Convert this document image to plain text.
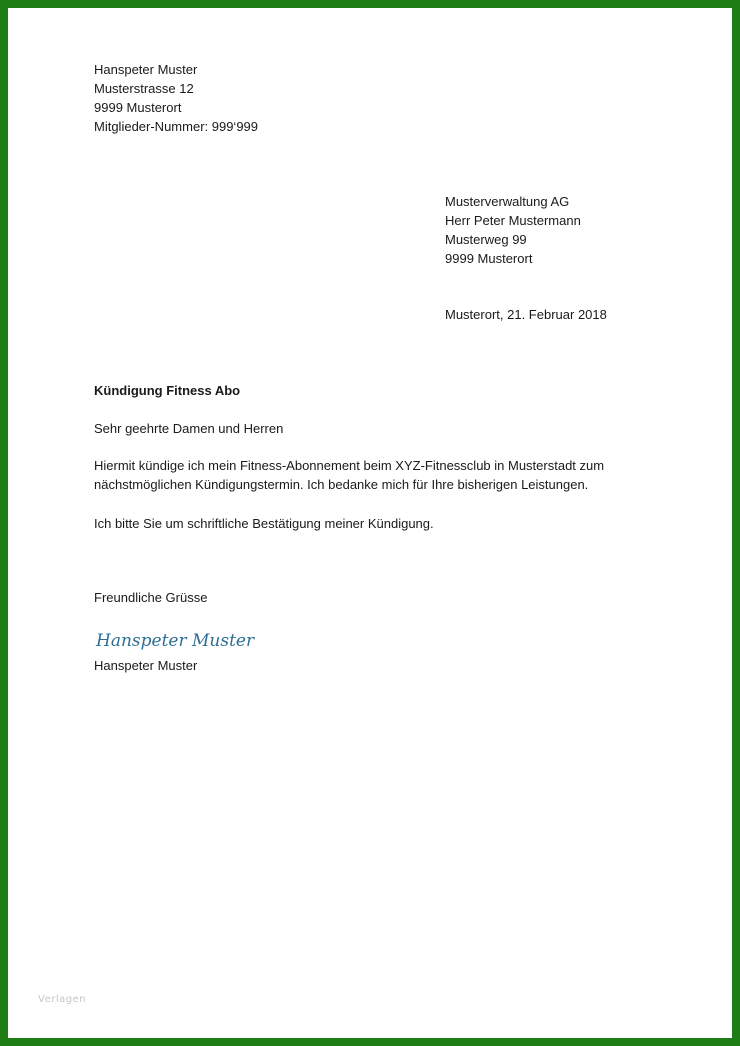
Hanspeter Muster
Musterstrasse 12
9999 Musterort
Mitglieder-Nummer: 999‘999
Musterverwaltung AG
Herr Peter Mustermann
Musterweg 99
9999 Musterort
Musterort, 21. Februar 2018
Kündigung Fitness Abo
Sehr geehrte Damen und Herren
Hiermit kündige ich mein Fitness-Abonnement beim XYZ-Fitnessclub in Musterstadt zum
nächstmöglichen Kündigungstermin. Ich bedanke mich für Ihre bisherigen Leistungen.
Ich bitte Sie um schriftliche Bestätigung meiner Kündigung.
Freundliche Grüsse
Hanspeter Muster
Hanspeter Muster
Verlagen
